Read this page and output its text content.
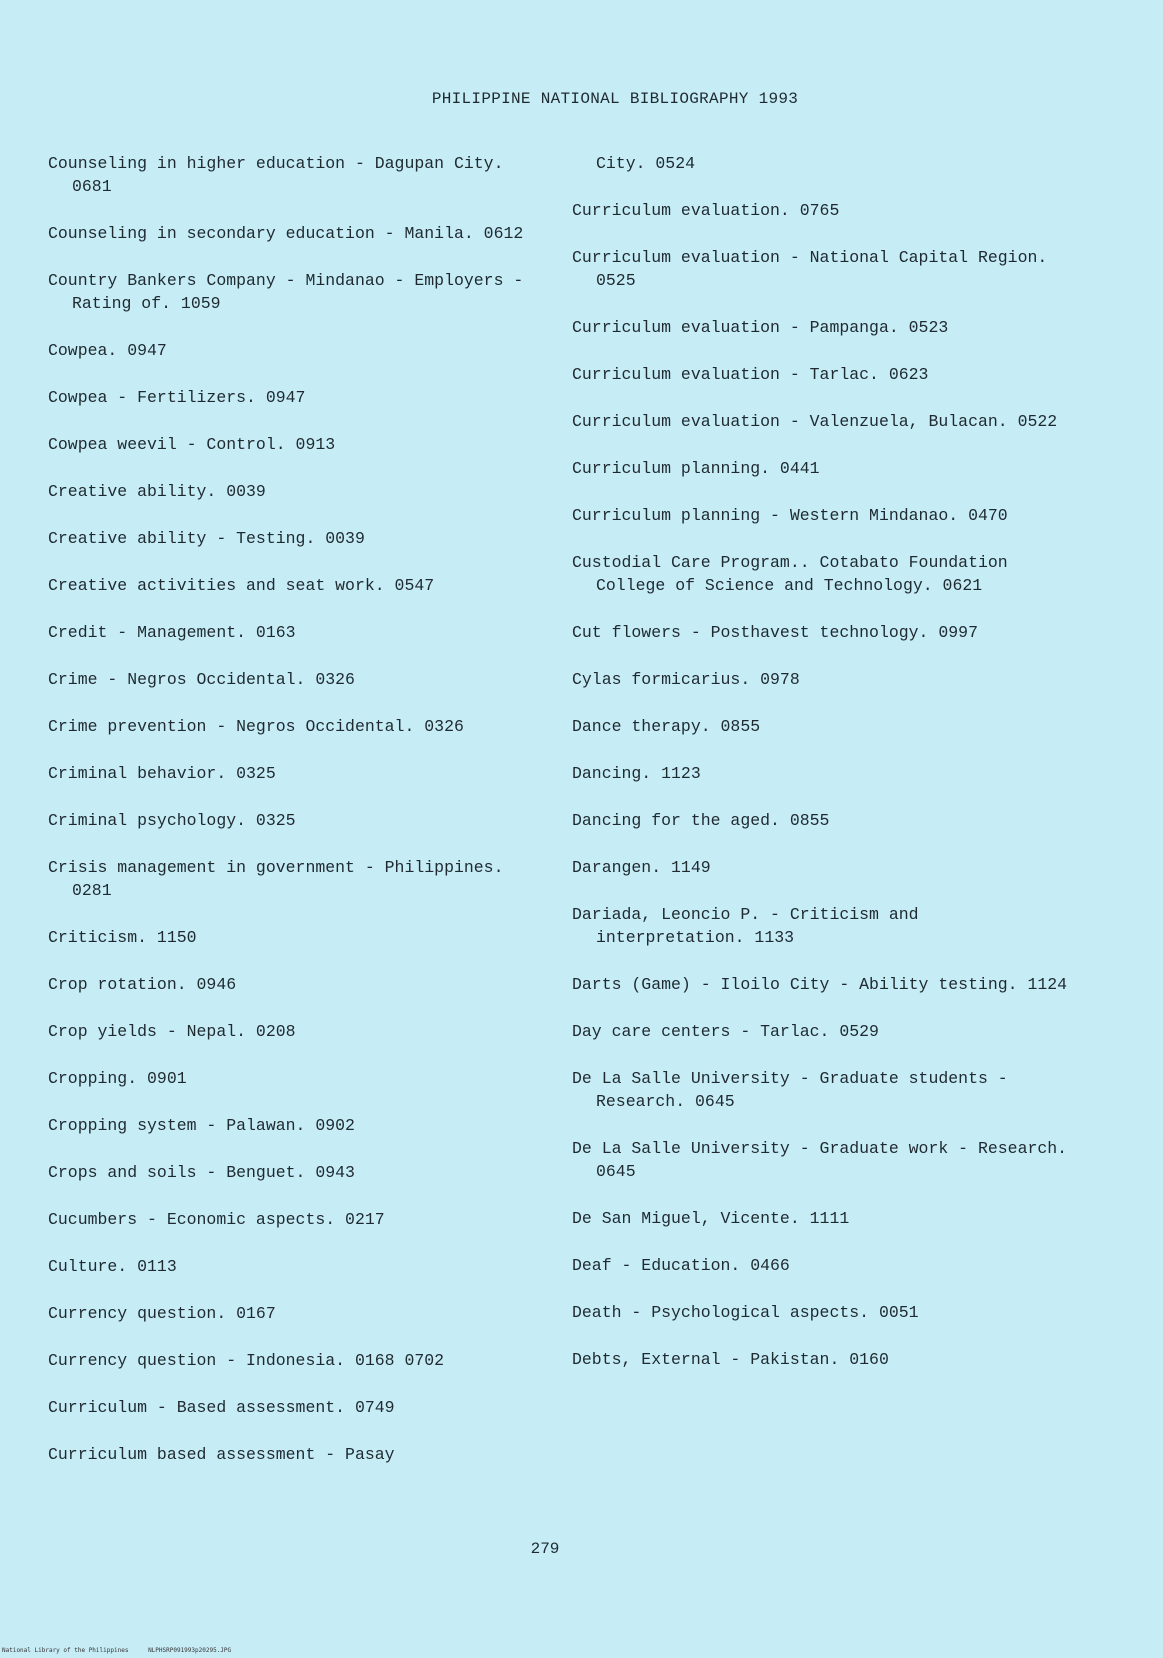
PHILIPPINE NATIONAL BIBLIOGRAPHY 1993
Counseling in higher education - Dagupan City. 0681
Counseling in secondary education - Manila. 0612
Country Bankers Company - Mindanao - Employers - Rating of. 1059
Cowpea. 0947
Cowpea - Fertilizers. 0947
Cowpea weevil - Control. 0913
Creative ability. 0039
Creative ability - Testing. 0039
Creative activities and seat work. 0547
Credit - Management. 0163
Crime - Negros Occidental. 0326
Crime prevention - Negros Occidental. 0326
Criminal behavior. 0325
Criminal psychology. 0325
Crisis management in government - Philippines. 0281
Criticism. 1150
Crop rotation. 0946
Crop yields - Nepal. 0208
Cropping. 0901
Cropping system - Palawan. 0902
Crops and soils - Benguet. 0943
Cucumbers - Economic aspects. 0217
Culture. 0113
Currency question. 0167
Currency question - Indonesia. 0168 0702
Curriculum - Based assessment. 0749
Curriculum based assessment - Pasay
City. 0524
Curriculum evaluation. 0765
Curriculum evaluation - National Capital Region. 0525
Curriculum evaluation - Pampanga. 0523
Curriculum evaluation - Tarlac. 0623
Curriculum evaluation - Valenzuela, Bulacan. 0522
Curriculum planning. 0441
Curriculum planning - Western Mindanao. 0470
Custodial Care Program.. Cotabato Foundation College of Science and Technology. 0621
Cut flowers - Posthavest technology. 0997
Cylas formicarius. 0978
Dance therapy. 0855
Dancing. 1123
Dancing for the aged. 0855
Darangen. 1149
Dariada, Leoncio P. - Criticism and interpretation. 1133
Darts (Game) - Iloilo City - Ability testing. 1124
Day care centers - Tarlac. 0529
De La Salle University - Graduate students - Research. 0645
De La Salle University - Graduate work - Research. 0645
De San Miguel, Vicente. 1111
Deaf - Education. 0466
Death - Psychological aspects. 0051
Debts, External - Pakistan. 0160
279
National Library of the Philippines	NLPHSRP091993p20295.JPG
